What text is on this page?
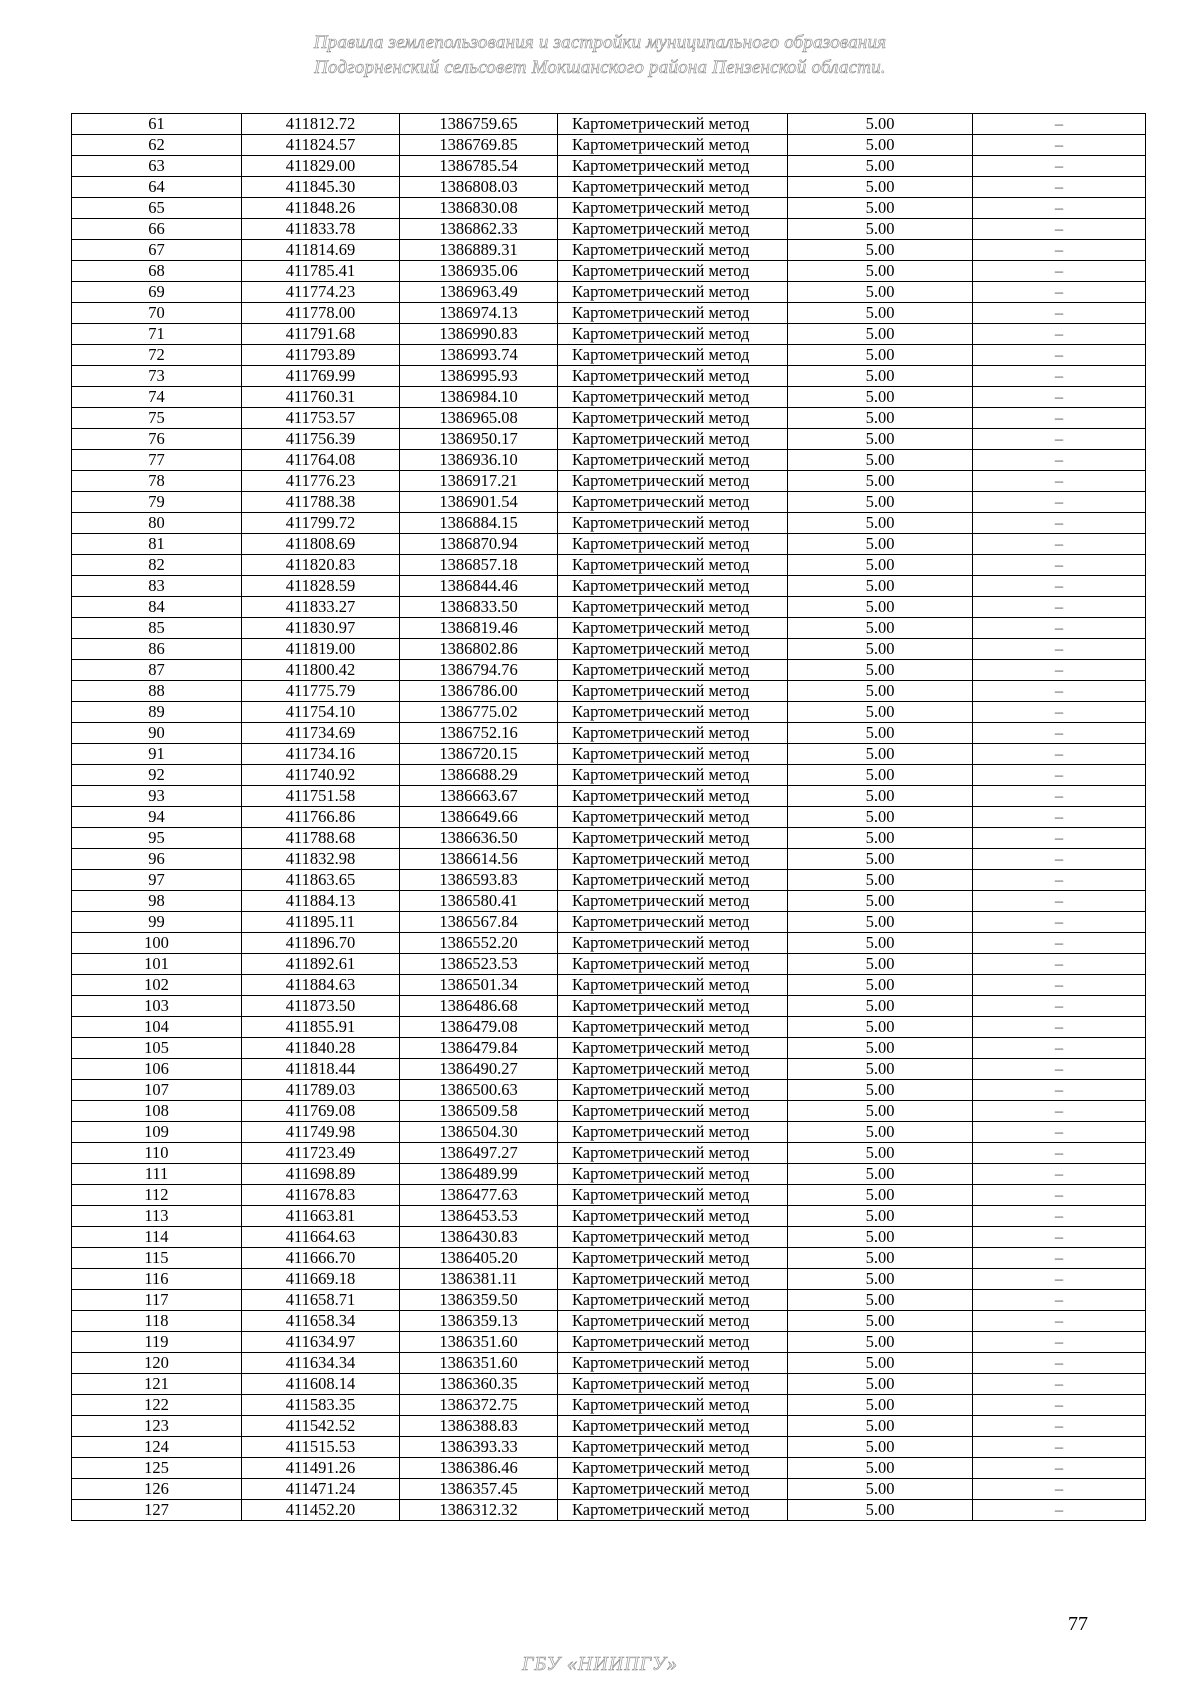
Правила землепользования и застройки муниципального образования
Подгорненский сельсовет Мокшанского района Пензенской области.
61	411812.72	1386759.65	Картометрический метод	5.00	–
62	411824.57	1386769.85	Картометрический метод	5.00	–
63	411829.00	1386785.54	Картометрический метод	5.00	–
64	411845.30	1386808.03	Картометрический метод	5.00	–
65	411848.26	1386830.08	Картометрический метод	5.00	–
66	411833.78	1386862.33	Картометрический метод	5.00	–
67	411814.69	1386889.31	Картометрический метод	5.00	–
68	411785.41	1386935.06	Картометрический метод	5.00	–
69	411774.23	1386963.49	Картометрический метод	5.00	–
70	411778.00	1386974.13	Картометрический метод	5.00	–
71	411791.68	1386990.83	Картометрический метод	5.00	–
72	411793.89	1386993.74	Картометрический метод	5.00	–
73	411769.99	1386995.93	Картометрический метод	5.00	–
74	411760.31	1386984.10	Картометрический метод	5.00	–
75	411753.57	1386965.08	Картометрический метод	5.00	–
76	411756.39	1386950.17	Картометрический метод	5.00	–
77	411764.08	1386936.10	Картометрический метод	5.00	–
78	411776.23	1386917.21	Картометрический метод	5.00	–
79	411788.38	1386901.54	Картометрический метод	5.00	–
80	411799.72	1386884.15	Картометрический метод	5.00	–
81	411808.69	1386870.94	Картометрический метод	5.00	–
82	411820.83	1386857.18	Картометрический метод	5.00	–
83	411828.59	1386844.46	Картометрический метод	5.00	–
84	411833.27	1386833.50	Картометрический метод	5.00	–
85	411830.97	1386819.46	Картометрический метод	5.00	–
86	411819.00	1386802.86	Картометрический метод	5.00	–
87	411800.42	1386794.76	Картометрический метод	5.00	–
88	411775.79	1386786.00	Картометрический метод	5.00	–
89	411754.10	1386775.02	Картометрический метод	5.00	–
90	411734.69	1386752.16	Картометрический метод	5.00	–
91	411734.16	1386720.15	Картометрический метод	5.00	–
92	411740.92	1386688.29	Картометрический метод	5.00	–
93	411751.58	1386663.67	Картометрический метод	5.00	–
94	411766.86	1386649.66	Картометрический метод	5.00	–
95	411788.68	1386636.50	Картометрический метод	5.00	–
96	411832.98	1386614.56	Картометрический метод	5.00	–
97	411863.65	1386593.83	Картометрический метод	5.00	–
98	411884.13	1386580.41	Картометрический метод	5.00	–
99	411895.11	1386567.84	Картометрический метод	5.00	–
100	411896.70	1386552.20	Картометрический метод	5.00	–
101	411892.61	1386523.53	Картометрический метод	5.00	–
102	411884.63	1386501.34	Картометрический метод	5.00	–
103	411873.50	1386486.68	Картометрический метод	5.00	–
104	411855.91	1386479.08	Картометрический метод	5.00	–
105	411840.28	1386479.84	Картометрический метод	5.00	–
106	411818.44	1386490.27	Картометрический метод	5.00	–
107	411789.03	1386500.63	Картометрический метод	5.00	–
108	411769.08	1386509.58	Картометрический метод	5.00	–
109	411749.98	1386504.30	Картометрический метод	5.00	–
110	411723.49	1386497.27	Картометрический метод	5.00	–
111	411698.89	1386489.99	Картометрический метод	5.00	–
112	411678.83	1386477.63	Картометрический метод	5.00	–
113	411663.81	1386453.53	Картометрический метод	5.00	–
114	411664.63	1386430.83	Картометрический метод	5.00	–
115	411666.70	1386405.20	Картометрический метод	5.00	–
116	411669.18	1386381.11	Картометрический метод	5.00	–
117	411658.71	1386359.50	Картометрический метод	5.00	–
118	411658.34	1386359.13	Картометрический метод	5.00	–
119	411634.97	1386351.60	Картометрический метод	5.00	–
120	411634.34	1386351.60	Картометрический метод	5.00	–
121	411608.14	1386360.35	Картометрический метод	5.00	–
122	411583.35	1386372.75	Картометрический метод	5.00	–
123	411542.52	1386388.83	Картометрический метод	5.00	–
124	411515.53	1386393.33	Картометрический метод	5.00	–
125	411491.26	1386386.46	Картометрический метод	5.00	–
126	411471.24	1386357.45	Картометрический метод	5.00	–
127	411452.20	1386312.32	Картометрический метод	5.00	–
77
ГБУ «НИИПГУ»
